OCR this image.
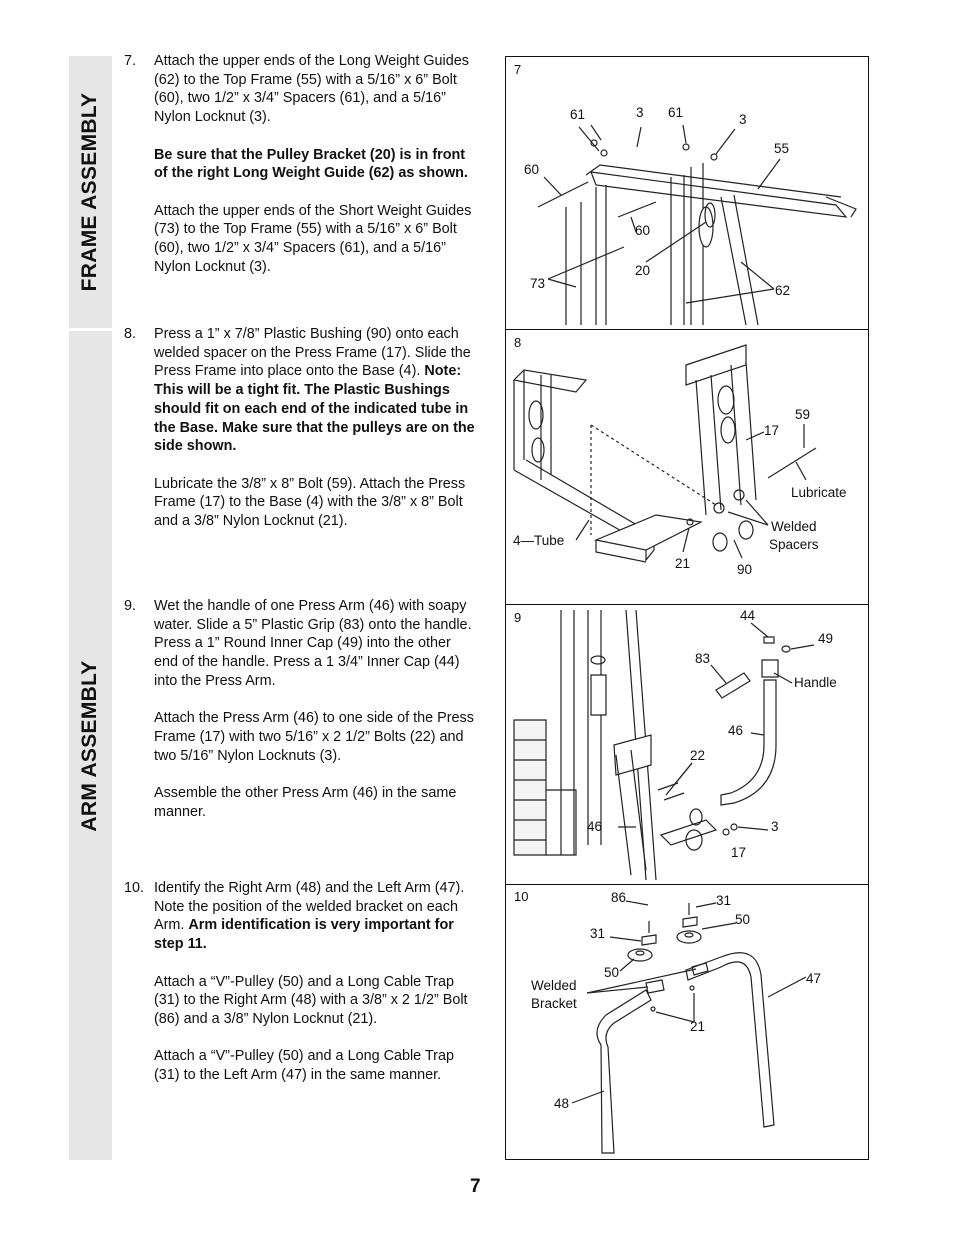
FRAME ASSEMBLY
ARM ASSEMBLY
7. Attach the upper ends of the Long Weight Guides (62) to the Top Frame (55) with a 5/16” x 6” Bolt (60), two 1/2” x 3/4” Spacers (61), and a 5/16” Nylon Locknut (3).
Be sure that the Pulley Bracket (20) is in front of the right Long Weight Guide (62) as shown.
Attach the upper ends of the Short Weight Guides (73) to the Top Frame (55) with a 5/16” x 6” Bolt (60), two 1/2” x 3/4” Spacers (61), and a 5/16” Nylon Locknut (3).
8. Press a 1” x 7/8” Plastic Bushing (90) onto each welded spacer on the Press Frame (17). Slide the Press Frame into place onto the Base (4). Note: This will be a tight fit. The Plastic Bushings should fit on each end of the indicated tube in the Base. Make sure that the pulleys are on the side shown.
Lubricate the 3/8” x 8” Bolt (59). Attach the Press Frame (17) to the Base (4) with the 3/8” x 8” Bolt and a 3/8” Nylon Locknut (21).
9. Wet the handle of one Press Arm (46) with soapy water. Slide a 5” Plastic Grip (83) onto the handle. Press a 1” Round Inner Cap (49) into the other end of the handle. Press a 1 3/4” Inner Cap (44) into the Press Arm.
Attach the Press Arm (46) to one side of the Press Frame (17) with two 5/16” x 2 1/2” Bolts (22) and two 5/16” Nylon Locknuts (3).
Assemble the other Press Arm (46) in the same manner.
10. Identify the Right Arm (48) and the Left Arm (47). Note the position of the welded bracket on each Arm. Arm identification is very important for step 11.
Attach a “V”-Pulley (50) and a Long Cable Trap (31) to the Right Arm (48) with a 3/8” x 2 1/2” Bolt (86) and a 3/8” Nylon Locknut (21).
Attach a “V”-Pulley (50) and a Long Cable Trap (31) to the Left Arm (47) in the same manner.
7
61	3 61	3
55
60
60
20
73	62
8
59
17
Lubricate
Welded
Spacers
4—Tube
21	90
9	44
49
83
Handle
46
22
46	3
17
10	86	31
31
50
50	47
Welded
Bracket
21
48
7
